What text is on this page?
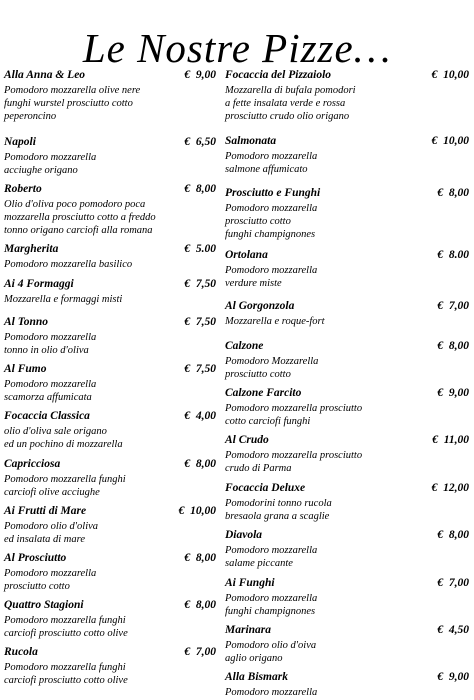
Le Nostre Pizze…
Alla Anna & Leo	€  9,00
Pomodoro mozzarella olive nere
funghi wurstel prosciutto cotto
peperoncino
Napoli	€  6,50
Pomodoro mozzarella
acciughe origano
Roberto	€  8,00
Olio d'oliva poco pomodoro poca
mozzarella prosciutto cotto a freddo
tonno origano carciofi alla romana
Margherita	€  5.00
Pomodoro mozzarella basilico
Ai 4 Formaggi	€  7,50
Mozzarella e formaggi misti
Al Tonno	€  7,50
Pomodoro mozzarella
tonno in olio d'oliva
Al Fumo	€  7,50
Pomodoro mozzarella
scamorza affumicata
Focaccia Classica	€  4,00
olio d'oliva sale origano
ed un pochino di mozzarella
Capricciosa	€  8,00
Pomodoro mozzarella funghi
carciofi olive acciughe
Ai Frutti di Mare	€  10,00
Pomodoro olio d'oliva
ed insalata di mare
Al Prosciutto	€  8,00
Pomodoro mozzarella
prosciutto cotto
Quattro Stagioni	€  8,00
Pomodoro mozzarella funghi
carciofi prosciutto cotto olive
Rucola	€  7,00
Pomodoro mozzarella funghi
carciofi prosciutto cotto olive
Focaccia del Pizzaiolo	€  10,00
Mozzarella di bufala pomodori
a fette insalata verde e rossa
prosciutto crudo olio origano
Salmonata	€  10,00
Pomodoro mozzarella
salmone affumicato
Prosciutto e Funghi	€  8,00
Pomodoro mozzarella
prosciutto cotto
funghi champignones
Ortolana	€  8.00
Pomodoro mozzarella
verdure miste
Al Gorgonzola	€  7,00
Mozzarella e roque-fort
Calzone	€  8,00
Pomodoro Mozzarella
prosciutto cotto
Calzone Farcito	€  9,00
Pomodoro mozzarella prosciutto
cotto carciofi funghi
Al Crudo	€  11,00
Pomodoro mozzarella prosciutto
crudo di Parma
Focaccia Deluxe	€  12,00
Pomodorini tonno rucola
bresaola grana a scaglie
Diavola	€  8,00
Pomodoro mozzarella
salame piccante
Ai Funghi	€  7,00
Pomodoro mozzarella
funghi champignones
Marinara	€  4,50
Pomodoro olio d'oiva
aglio origano
Alla Bismark	€  9,00
Pomodoro mozzarella
